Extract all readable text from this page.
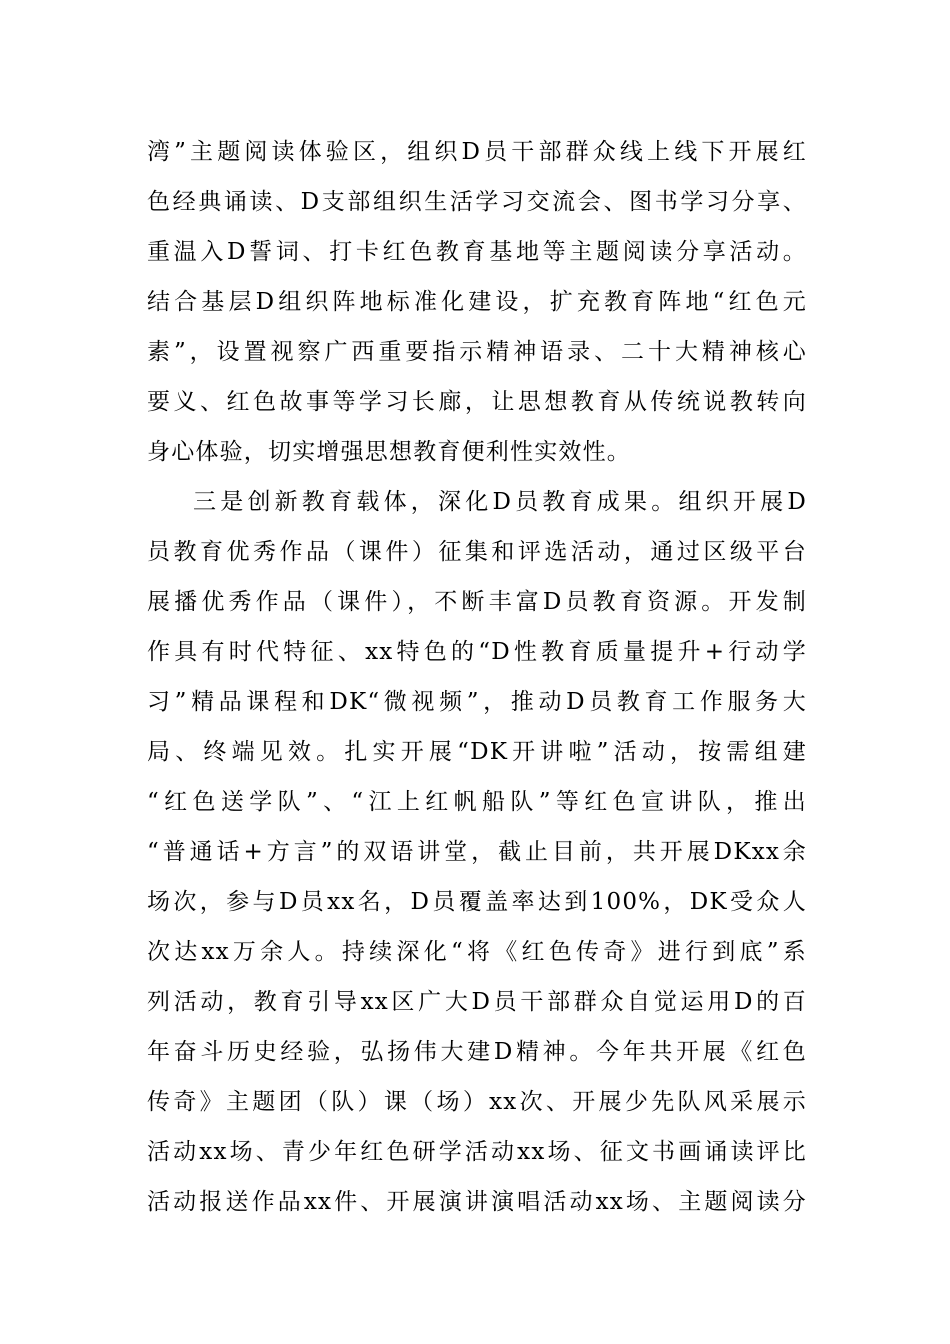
湾”主题阅读体验区，组织D员干部群众线上线下开展红
色经典诵读、D支部组织生活学习交流会、图书学习分享、
重温入D誓词、打卡红色教育基地等主题阅读分享活动。
结合基层D组织阵地标准化建设，扩充教育阵地“红色元
素”，设置视察广西重要指示精神语录、二十大精神核心
要义、红色故事等学习长廊，让思想教育从传统说教转向
身心体验，切实增强思想教育便利性实效性。
三是创新教育载体，深化D员教育成果。组织开展D
员教育优秀作品（课件）征集和评选活动，通过区级平台
展播优秀作品（课件），不断丰富D员教育资源。开发制
作具有时代特征、xx特色的“D性教育质量提升+行动学
习”精品课程和DK“微视频”，推动D员教育工作服务大
局、终端见效。扎实开展“DK开讲啦”活动，按需组建
“红色送学队”、“江上红帆船队”等红色宣讲队，推出
“普通话+方言”的双语讲堂，截止目前，共开展DKxx余
场次，参与D员xx名，D员覆盖率达到100%，DK受众人
次达xx万余人。持续深化“将《红色传奇》进行到底”系
列活动，教育引导xx区广大D员干部群众自觉运用D的百
年奋斗历史经验，弘扬伟大建D精神。今年共开展《红色
传奇》主题团（队）课（场）xx次、开展少先队风采展示
活动xx场、青少年红色研学活动xx场、征文书画诵读评比
活动报送作品xx件、开展演讲演唱活动xx场、主题阅读分
